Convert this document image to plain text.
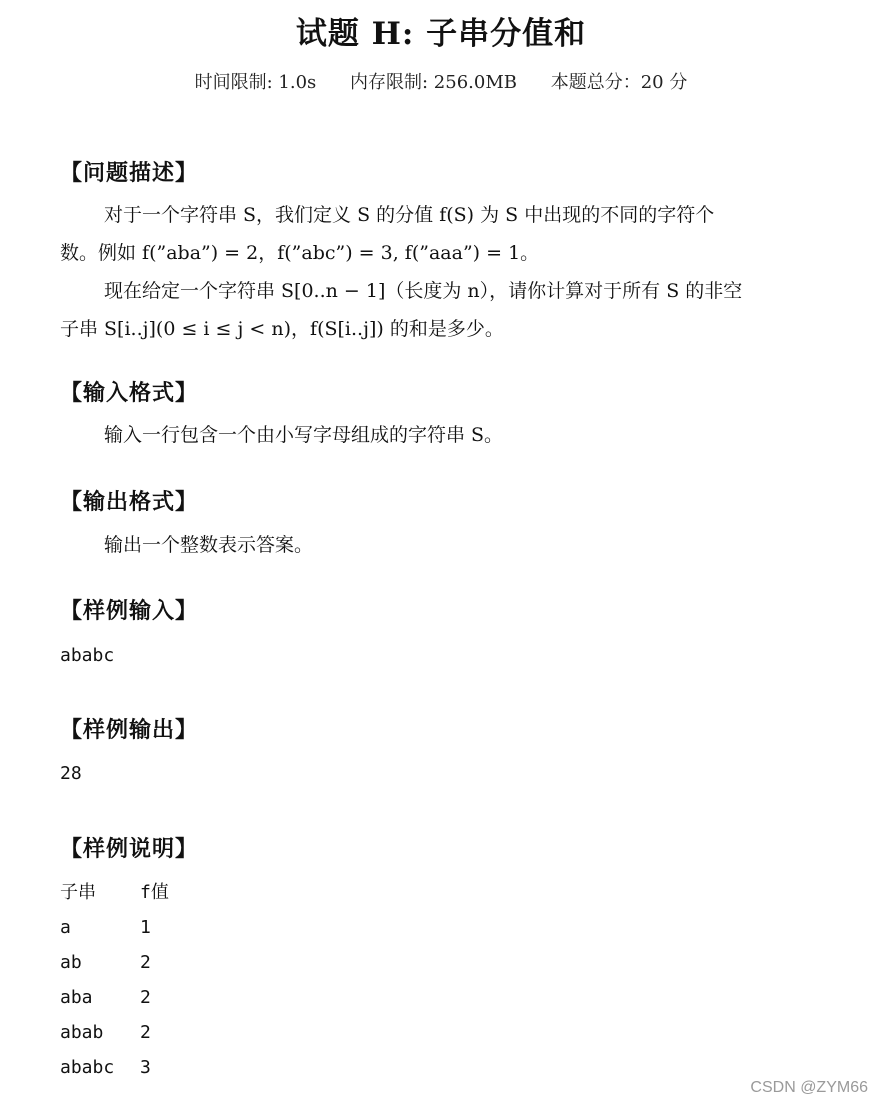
试题 H: 子串分值和
时间限制: 1.0s 内存限制: 256.0MB 本题总分：20 分
【问题描述】
对于一个字符串 S，我们定义 S 的分值 f(S) 为 S 中出现的不同的字符个
数。例如 f(”aba”) = 2，f(”abc”) = 3, f(”aaa”) = 1。
现在给定一个字符串 S[0..n − 1]（长度为 n），请你计算对于所有 S 的非空
子串 S[i..j](0 ≤ i ≤ j < n)，f(S[i..j]) 的和是多少。
【输入格式】
输入一行包含一个由小写字母组成的字符串 S。
【输出格式】
输出一个整数表示答案。
【样例输入】
ababc
【样例输出】
28
【样例说明】
子串 f值
a	1
ab	2
aba	2
abab 2
ababc 3
CSDN @ZYM66
